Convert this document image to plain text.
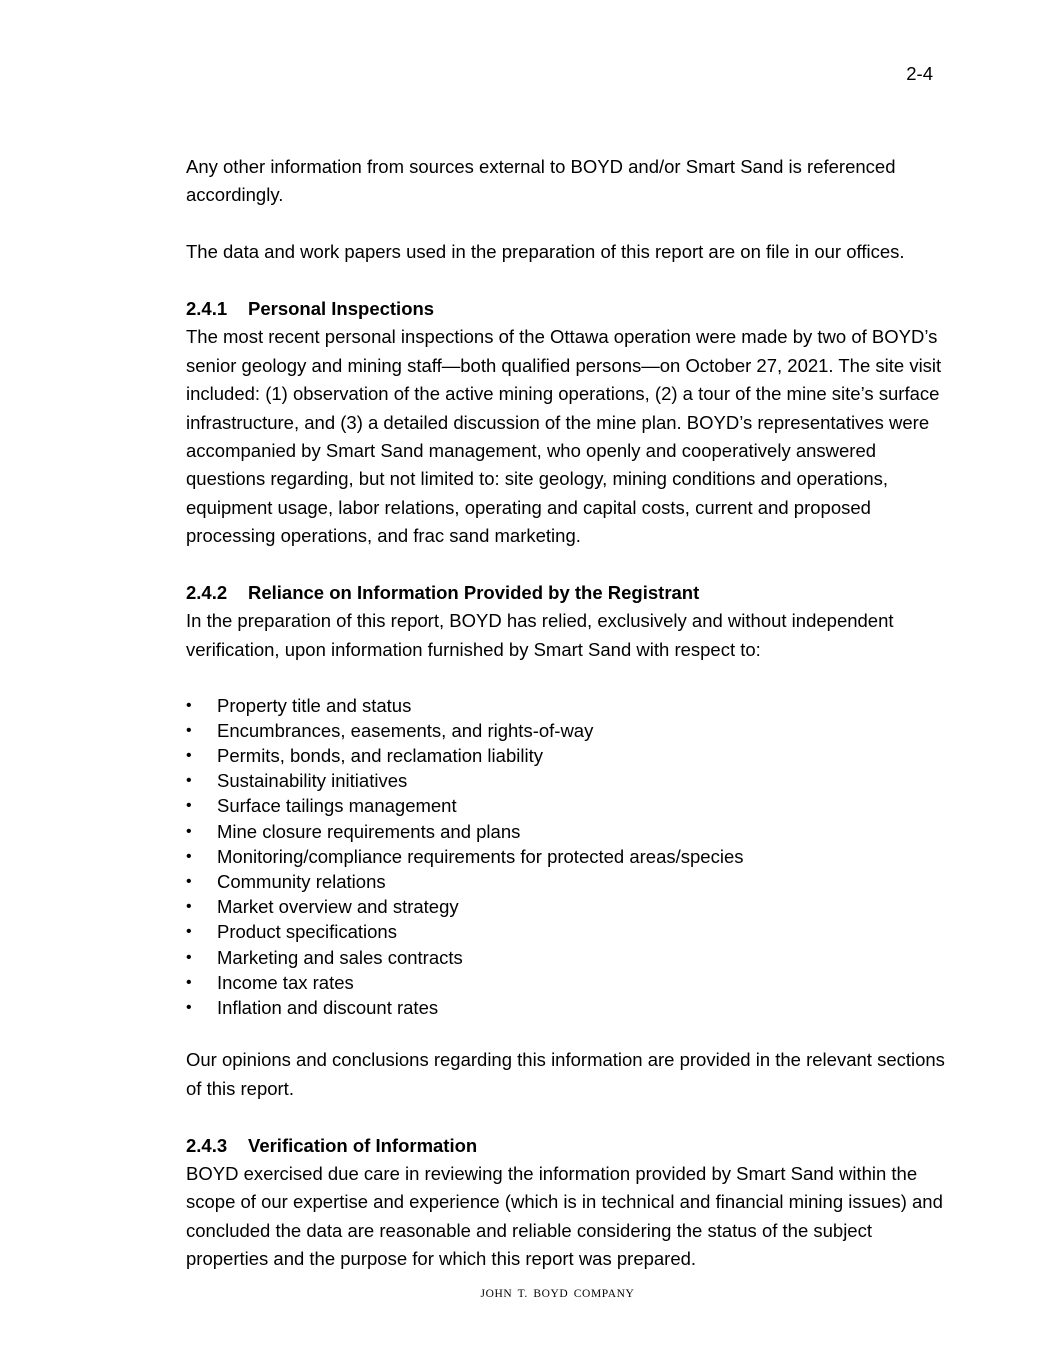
2-4

Any other information from sources external to BOYD and/or Smart Sand is referenced accordingly.

The data and work papers used in the preparation of this report are on file in our offices.

2.4.1 Personal Inspections

The most recent personal inspections of the Ottawa operation were made by two of BOYD’s senior geology and mining staff—both qualified persons—on October 27, 2021. The site visit included: (1) observation of the active mining operations, (2) a tour of the mine site’s surface infrastructure, and (3) a detailed discussion of the mine plan. BOYD’s representatives were accompanied by Smart Sand management, who openly and cooperatively answered questions regarding, but not limited to: site geology, mining conditions and operations, equipment usage, labor relations, operating and capital costs, current and proposed processing operations, and frac sand marketing.

2.4.2 Reliance on Information Provided by the Registrant

In the preparation of this report, BOYD has relied, exclusively and without independent verification, upon information furnished by Smart Sand with respect to:

• Property title and status
• Encumbrances, easements, and rights-of-way
• Permits, bonds, and reclamation liability
• Sustainability initiatives
• Surface tailings management
• Mine closure requirements and plans
• Monitoring/compliance requirements for protected areas/species
• Community relations
• Market overview and strategy
• Product specifications
• Marketing and sales contracts
• Income tax rates
• Inflation and discount rates

Our opinions and conclusions regarding this information are provided in the relevant sections of this report.

2.4.3 Verification of Information

BOYD exercised due care in reviewing the information provided by Smart Sand within the scope of our expertise and experience (which is in technical and financial mining issues) and concluded the data are reasonable and reliable considering the status of the subject properties and the purpose for which this report was prepared.

JOHN T. BOYD COMPANY
